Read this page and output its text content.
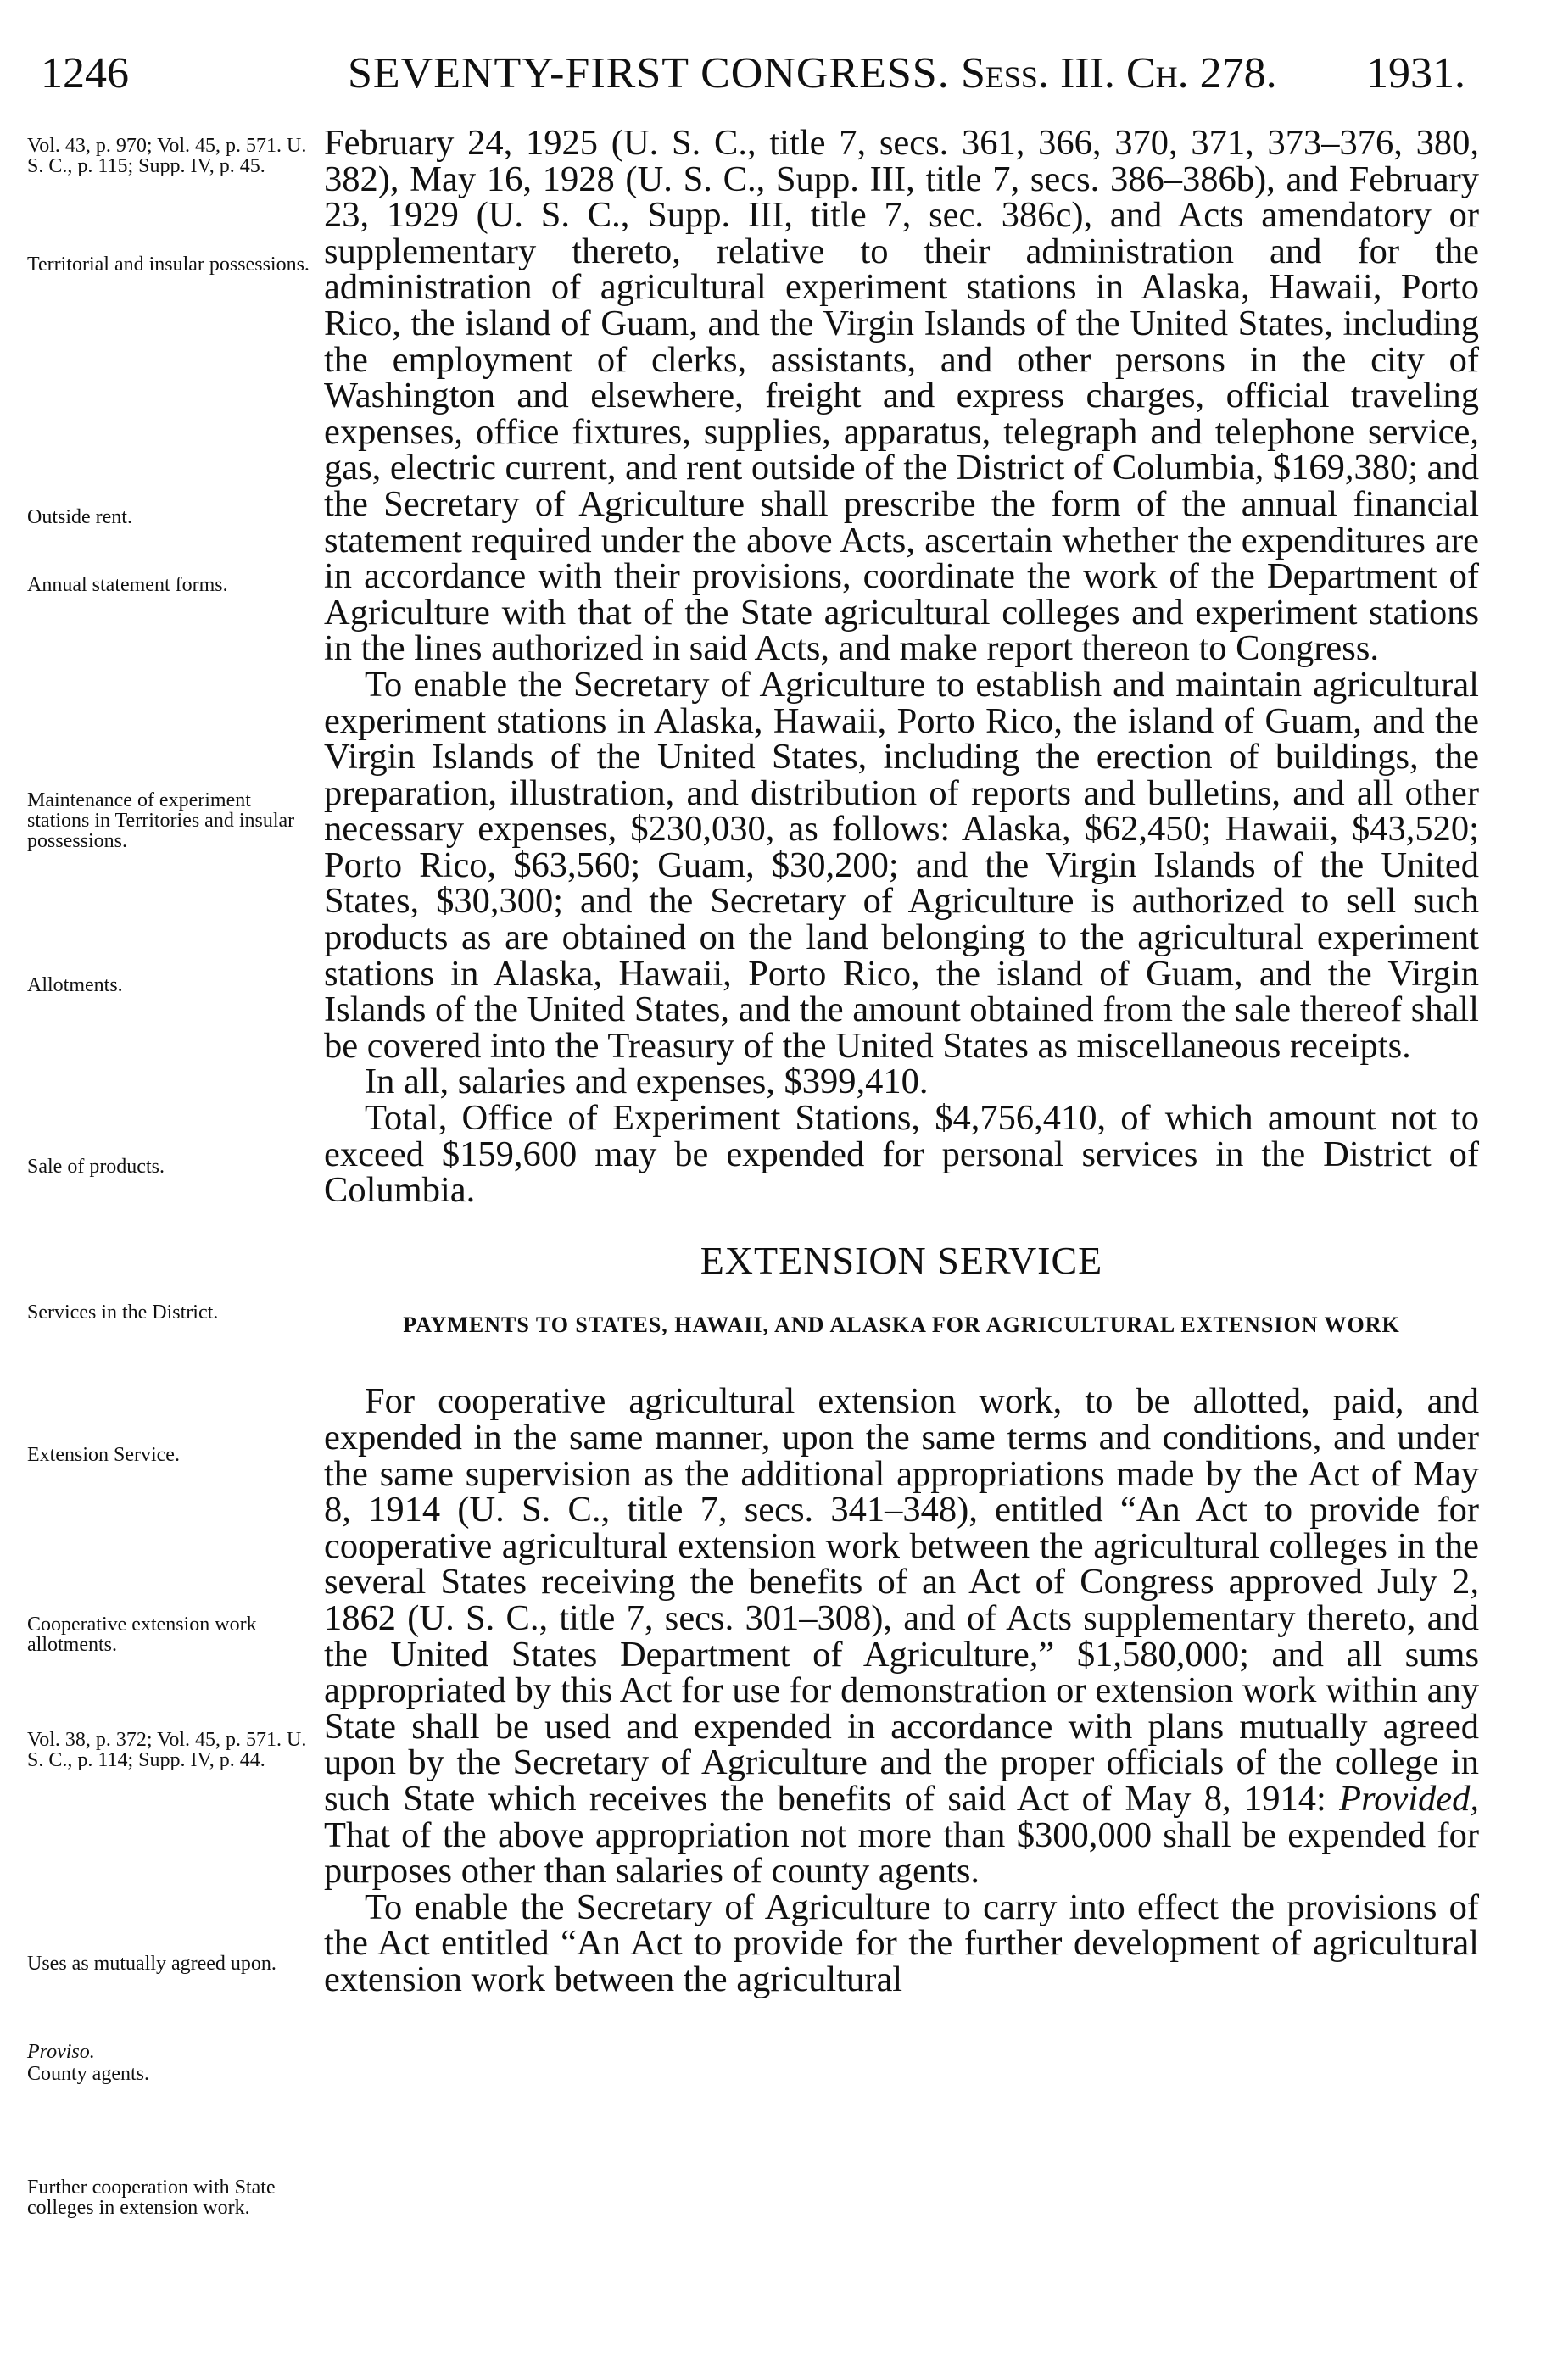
1246	SEVENTY-FIRST CONGRESS. Sess. III. Ch. 278. 1931.
Vol. 43, p. 970; Vol. 45, p. 571. U. S. C., p. 115; Supp. IV, p. 45.
Territorial and insular possessions.
Outside rent.
Annual statement forms.
Maintenance of experiment stations in Territories and insular possessions.
Allotments.
Sale of products.
Services in the District.
Extension Service.
Cooperative extension work allotments.
Vol. 38, p. 372; Vol. 45, p. 571. U. S. C., p. 114; Supp. IV, p. 44.
Uses as mutually agreed upon.
Proviso.
County agents.
Further cooperation with State colleges in extension work.

February 24, 1925 (U. S. C., title 7, secs. 361, 366, 370, 371, 373–376, 380, 382), May 16, 1928 (U. S. C., Supp. III, title 7, secs. 386–386b), and February 23, 1929 (U. S. C., Supp. III, title 7, sec. 386c), and Acts amendatory or supplementary thereto, relative to their administration and for the administration of agricultural experiment stations in Alaska, Hawaii, Porto Rico, the island of Guam, and the Virgin Islands of the United States, including the employment of clerks, assistants, and other persons in the city of Washington and elsewhere, freight and express charges, official traveling expenses, office fixtures, supplies, apparatus, telegraph and telephone service, gas, electric current, and rent outside of the District of Columbia, $169,380; and the Secretary of Agriculture shall prescribe the form of the annual financial statement required under the above Acts, ascertain whether the expenditures are in accordance with their provisions, coordinate the work of the Department of Agriculture with that of the State agricultural colleges and experiment stations in the lines authorized in said Acts, and make report thereon to Congress.

To enable the Secretary of Agriculture to establish and maintain agricultural experiment stations in Alaska, Hawaii, Porto Rico, the island of Guam, and the Virgin Islands of the United States, including the erection of buildings, the preparation, illustration, and distribution of reports and bulletins, and all other necessary expenses, $230,030, as follows: Alaska, $62,450; Hawaii, $43,520; Porto Rico, $63,560; Guam, $30,200; and the Virgin Islands of the United States, $30,300; and the Secretary of Agriculture is authorized to sell such products as are obtained on the land belonging to the agricultural experiment stations in Alaska, Hawaii, Porto Rico, the island of Guam, and the Virgin Islands of the United States, and the amount obtained from the sale thereof shall be covered into the Treasury of the United States as miscellaneous receipts.

In all, salaries and expenses, $399,410.

Total, Office of Experiment Stations, $4,756,410, of which amount not to exceed $159,600 may be expended for personal services in the District of Columbia.

EXTENSION SERVICE
PAYMENTS TO STATES, HAWAII, AND ALASKA FOR AGRICULTURAL EXTENSION WORK

For cooperative agricultural extension work, to be allotted, paid, and expended in the same manner, upon the same terms and conditions, and under the same supervision as the additional appropriations made by the Act of May 8, 1914 (U. S. C., title 7, secs. 341–348), entitled “An Act to provide for cooperative agricultural extension work between the agricultural colleges in the several States receiving the benefits of an Act of Congress approved July 2, 1862 (U. S. C., title 7, secs. 301–308), and of Acts supplementary thereto, and the United States Department of Agriculture,” $1,580,000; and all sums appropriated by this Act for use for demonstration or extension work within any State shall be used and expended in accordance with plans mutually agreed upon by the Secretary of Agriculture and the proper officials of the college in such State which receives the benefits of said Act of May 8, 1914: Provided, That of the above appropriation not more than $300,000 shall be expended for purposes other than salaries of county agents.

To enable the Secretary of Agriculture to carry into effect the provisions of the Act entitled “An Act to provide for the further development of agricultural extension work between the agricultural
